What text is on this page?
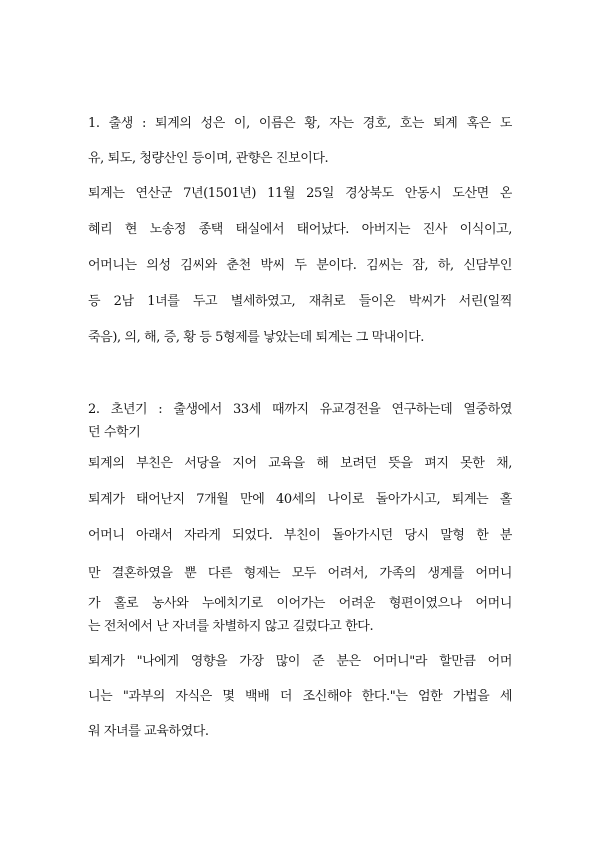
1. 출생 : 퇴계의 성은 이, 이름은 황, 자는 경호, 호는 퇴계 혹은 도
유, 퇴도, 청량산인 등이며, 관향은 진보이다.
퇴계는 연산군 7년(1501년) 11월 25일 경상북도 안동시 도산면 온
혜리 현 노송정 종택 태실에서 태어났다. 아버지는 진사 이식이고,
어머니는 의성 김씨와 춘천 박씨 두 분이다. 김씨는 잠, 하, 신담부인
등 2남 1녀를 두고 별세하였고, 재취로 들이온 박씨가 서린(일찍
죽음), 의, 해, 증, 황 등 5형제를 낳았는데 퇴계는 그 막내이다.
2. 초년기 : 출생에서 33세 때까지 유교경전을 연구하는데 열중하였
던 수학기
퇴계의 부친은 서당을 지어 교육을 해 보려던 뜻을 펴지 못한 채,
퇴계가 태어난지 7개월 만에 40세의 나이로 돌아가시고, 퇴계는 홀
어머니 아래서 자라게 되었다. 부친이 돌아가시던 당시 말형 한 분
만 결혼하였을 뿐 다른 형제는 모두 어려서, 가족의 생계를 어머니
가 홀로 농사와 누에치기로 이어가는 어려운 형편이였으나 어머니
는 전처에서 난 자녀를 차별하지 않고 길렀다고 한다.
퇴계가 "나에게 영향을 가장 많이 준 분은 어머니"라 할만큼 어머
니는 "과부의 자식은 몇 백배 더 조신해야 한다."는 엄한 가법을 세
워 자녀를 교육하였다.
